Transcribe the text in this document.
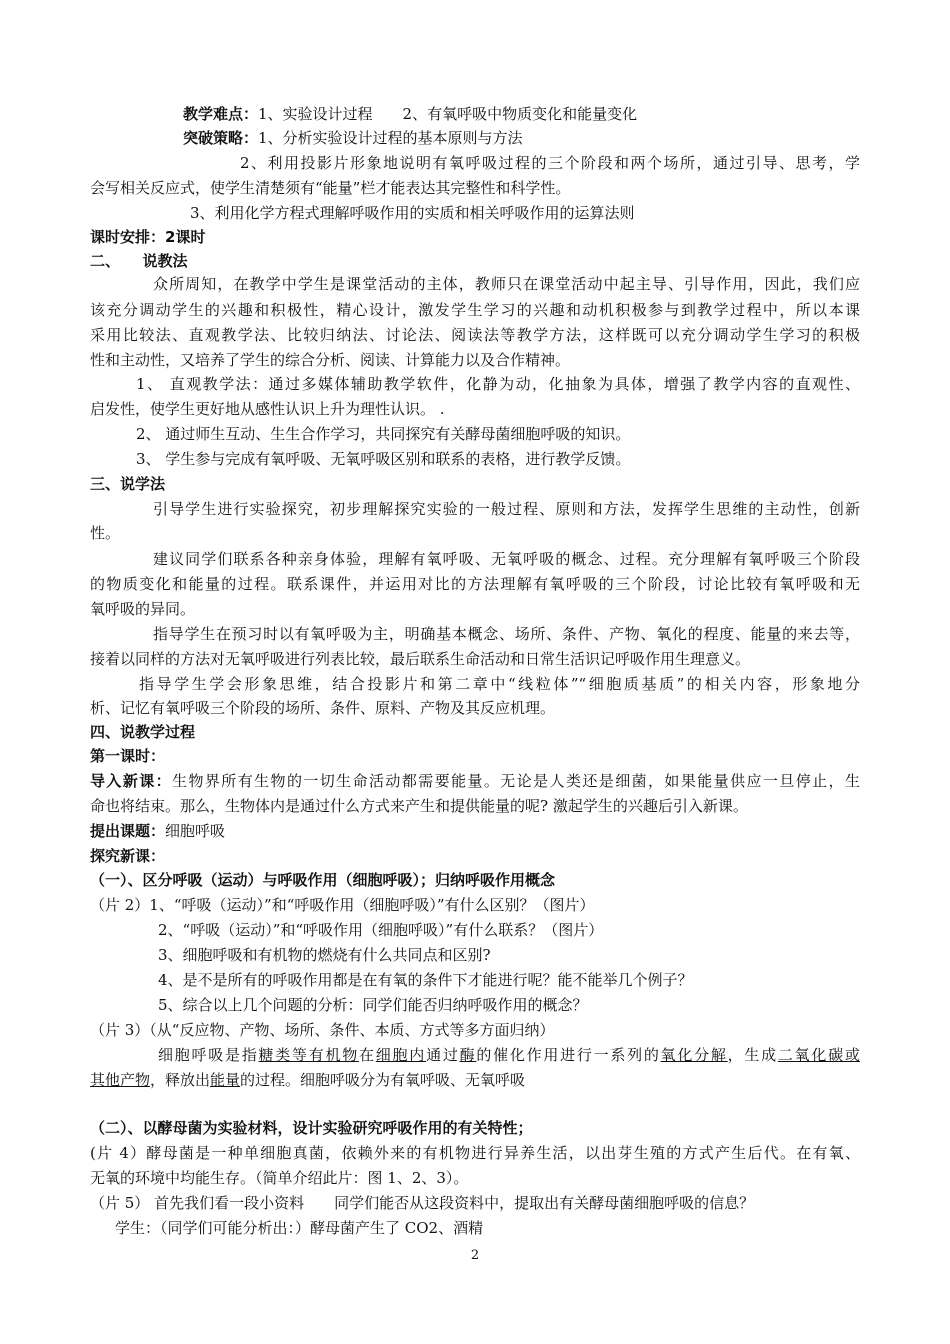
教学难点：1、实验设计过程　　2、有氧呼吸中物质变化和能量变化
突破策略：1、分析实验设计过程的基本原则与方法
2、利用投影片形象地说明有氧呼吸过程的三个阶段和两个场所，通过引导、思考，学
会写相关反应式，使学生清楚须有“能量”栏才能表达其完整性和科学性。
3、利用化学方程式理解呼吸作用的实质和相关呼吸作用的运算法则
课时安排：2课时
二、　　说教法
众所周知，在教学中学生是课堂活动的主体，教师只在课堂活动中起主导、引导作用，因此，我们应
该充分调动学生的兴趣和积极性，精心设计，激发学生学习的兴趣和动机积极参与到教学过程中，所以本课
采用比较法、直观教学法、比较归纳法、讨论法、阅读法等教学方法，这样既可以充分调动学生学习的积极
性和主动性，又培养了学生的综合分析、阅读、计算能力以及合作精神。
1、 直观教学法：通过多媒体辅助教学软件，化静为动，化抽象为具体，增强了教学内容的直观性、
启发性，使学生更好地从感性认识上升为理性认识。 .
2、 通过师生互动、生生合作学习，共同探究有关酵母菌细胞呼吸的知识。
3、 学生参与完成有氧呼吸、无氧呼吸区别和联系的表格，进行教学反馈。
三、说学法
引导学生进行实验探究，初步理解探究实验的一般过程、原则和方法，发挥学生思维的主动性，创新
性。
建议同学们联系各种亲身体验，理解有氧呼吸、无氧呼吸的概念、过程。充分理解有氧呼吸三个阶段
的物质变化和能量的过程。联系课件，并运用对比的方法理解有氧呼吸的三个阶段，讨论比较有氧呼吸和无
氧呼吸的异同。
指导学生在预习时以有氧呼吸为主，明确基本概念、场所、条件、产物、氧化的程度、能量的来去等，
接着以同样的方法对无氧呼吸进行列表比较，最后联系生命活动和日常生活识记呼吸作用生理意义。
指导学生学会形象思维，结合投影片和第二章中“线粒体”“细胞质基质”的相关内容，形象地分
析、记忆有氧呼吸三个阶段的场所、条件、原料、产物及其反应机理。
四、说教学过程
第一课时：
导入新课：生物界所有生物的一切生命活动都需要能量。无论是人类还是细菌，如果能量供应一旦停止，生
命也将结束。那么，生物体内是通过什么方式来产生和提供能量的呢? 激起学生的兴趣后引入新课。
提出课题：细胞呼吸
探究新课：
（一）、区分呼吸（运动）与呼吸作用（细胞呼吸）；归纳呼吸作用概念
（片 2）1、“呼吸（运动）”和“呼吸作用（细胞呼吸）”有什么区别？（图片）
2、“呼吸（运动）”和“呼吸作用（细胞呼吸）”有什么联系？（图片）
3、细胞呼吸和有机物的燃烧有什么共同点和区别?
4、是不是所有的呼吸作用都是在有氧的条件下才能进行呢？能不能举几个例子？
5、综合以上几个问题的分析：同学们能否归纳呼吸作用的概念？
（片 3）（从“反应物、产物、场所、条件、本质、方式等多方面归纳）
细胞呼吸是指糖类等有机物在细胞内通过酶的催化作用进行一系列的氧化分解，生成二氧化碳或
其他产物，释放出能量的过程。细胞呼吸分为有氧呼吸、无氧呼吸
（二）、以酵母菌为实验材料，设计实验研究呼吸作用的有关特性；
(片 4）酵母菌是一种单细胞真菌，依赖外来的有机物进行异养生活，以出芽生殖的方式产生后代。在有氧、
无氧的环境中均能生存。（简单介绍此片：图 1、2、3）。
（片 5） 首先我们看一段小资料　　同学们能否从这段资料中，提取出有关酵母菌细胞呼吸的信息？
学生：（同学们可能分析出：）酵母菌产生了 CO2、酒精
2
